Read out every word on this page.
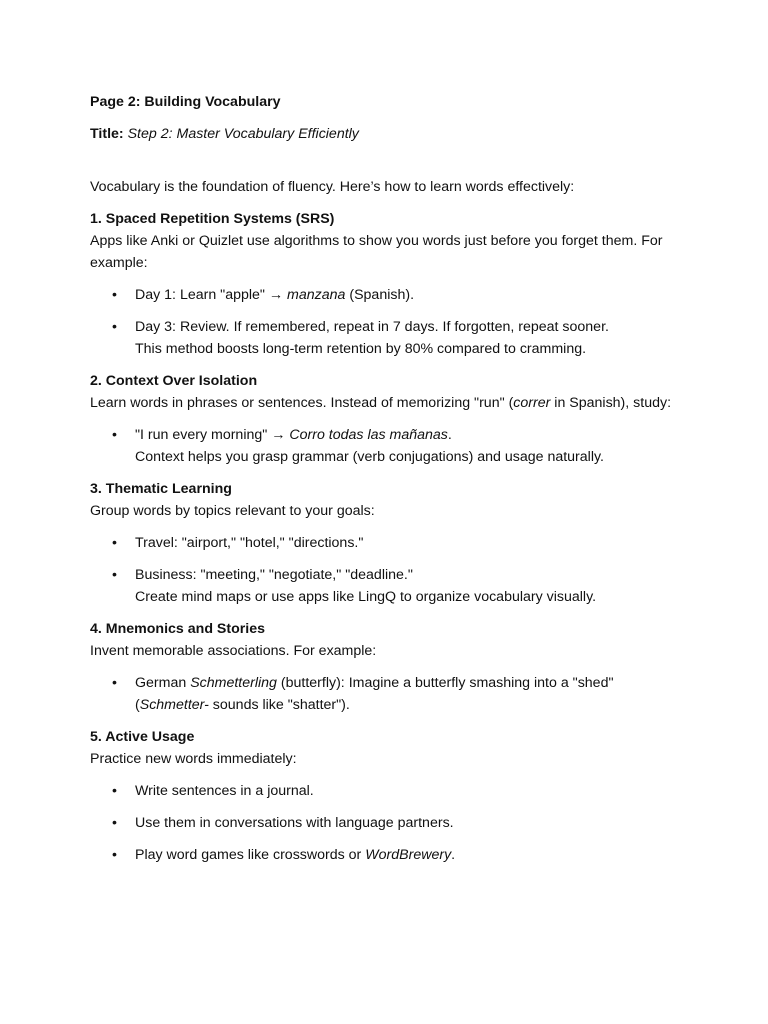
Page 2: Building Vocabulary

Title: Step 2: Master Vocabulary Efficiently

Vocabulary is the foundation of fluency. Here’s how to learn words effectively:

1. Spaced Repetition Systems (SRS)

Apps like Anki or Quizlet use algorithms to show you words just before you forget them. For example:

• Day 1: Learn "apple" → manzana (Spanish).
• Day 3: Review. If remembered, repeat in 7 days. If forgotten, repeat sooner.
This method boosts long-term retention by 80% compared to cramming.
2. Context Over Isolation

Learn words in phrases or sentences. Instead of memorizing "run" (correr in Spanish), study:

• "I run every morning" → Corro todas las mañanas.
Context helps you grasp grammar (verb conjugations) and usage naturally.
3. Thematic Learning

Group words by topics relevant to your goals:

• Travel: "airport," "hotel," "directions."
• Business: "meeting," "negotiate," "deadline."
Create mind maps or use apps like LingQ to organize vocabulary visually.
4. Mnemonics and Stories

Invent memorable associations. For example:

• German Schmetterling (butterfly): Imagine a butterfly smashing into a "shed"
(Schmetter- sounds like "shatter").
5. Active Usage

Practice new words immediately:

• Write sentences in a journal.
• Use them in conversations with language partners.
• Play word games like crosswords or WordBrewery.
